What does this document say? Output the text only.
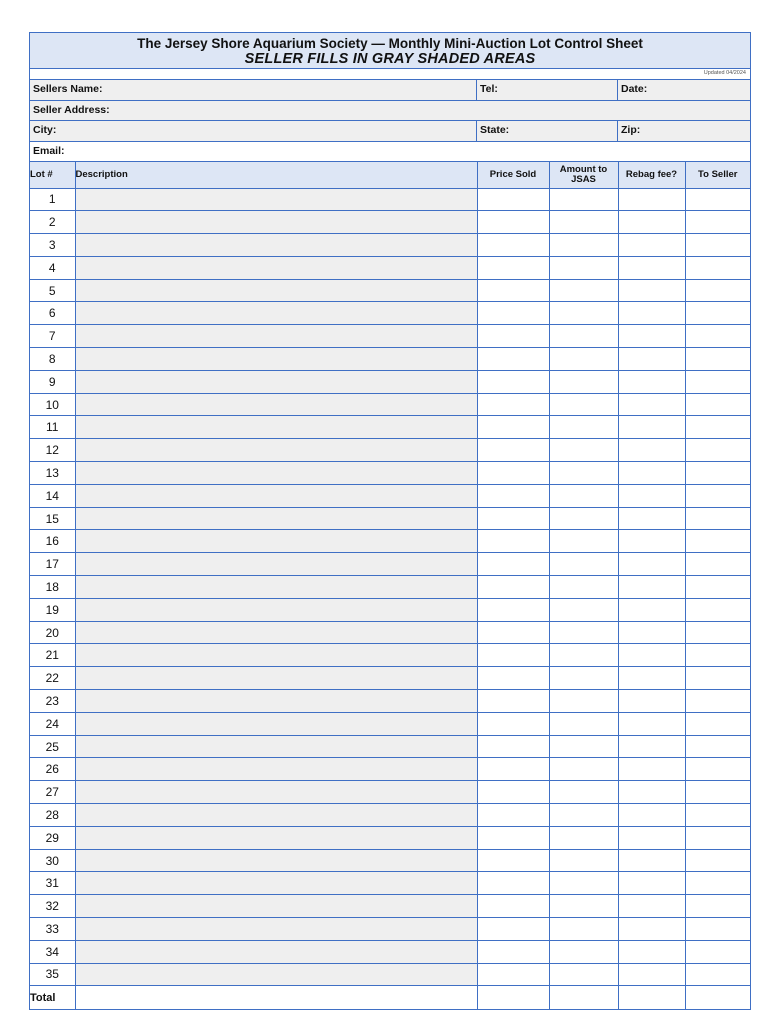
The Jersey Shore Aquarium Society — Monthly Mini-Auction Lot Control Sheet
SELLER FILLS IN GRAY SHADED AREAS
Updated 04/2024
Sellers Name:	Tel:	Date:
Seller Address:
City:	State:	Zip:
Email:
Lot #	Description	Price Sold	Amount to JSAS	Rebag fee?	To Seller
1					
2					
3					
4					
5					
6					
7					
8					
9					
10					
11					
12					
13					
14					
15					
16					
17					
18					
19					
20					
21					
22					
23					
24					
25					
26					
27					
28					
29					
30					
31					
32					
33					
34					
35					
Total					
